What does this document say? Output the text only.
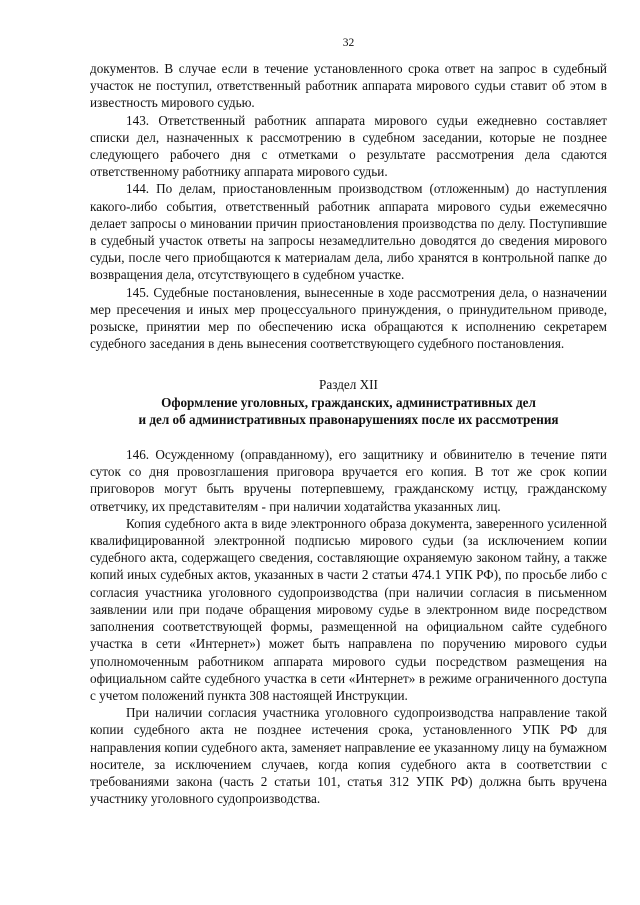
32

документов. В случае если в течение установленного срока ответ на запрос в судебный участок не поступил, ответственный работник аппарата мирового судьи ставит об этом в известность мирового судью.

143. Ответственный работник аппарата мирового судьи ежедневно составляет списки дел, назначенных к рассмотрению в судебном заседании, которые не позднее следующего рабочего дня с отметками о результате рассмотрения дела сдаются ответственному работнику аппарата мирового судьи.

144. По делам, приостановленным производством (отложенным) до наступления какого-либо события, ответственный работник аппарата мирового судьи ежемесячно делает запросы о миновании причин приостановления производства по делу. Поступившие в судебный участок ответы на запросы незамедлительно доводятся до сведения мирового судьи, после чего приобщаются к материалам дела, либо хранятся в контрольной папке до возвращения дела, отсутствующего в судебном участке.

145. Судебные постановления, вынесенные в ходе рассмотрения дела, о назначении мер пресечения и иных мер процессуального принуждения, о принудительном приводе, розыске, принятии мер по обеспечению иска обращаются к исполнению секретарем судебного заседания в день вынесения соответствующего судебного постановления.

Раздел XII
Оформление уголовных, гражданских, административных дел
и дел об административных правонарушениях после их рассмотрения

146. Осужденному (оправданному), его защитнику и обвинителю в течение пяти суток со дня провозглашения приговора вручается его копия. В тот же срок копии приговоров могут быть вручены потерпевшему, гражданскому истцу, гражданскому ответчику, их представителям - при наличии ходатайства указанных лиц.

Копия судебного акта в виде электронного образа документа, заверенного усиленной квалифицированной электронной подписью мирового судьи (за исключением копии судебного акта, содержащего сведения, составляющие охраняемую законом тайну, а также копий иных судебных актов, указанных в части 2 статьи 474.1 УПК РФ), по просьбе либо с согласия участника уголовного судопроизводства (при наличии согласия в письменном заявлении или при подаче обращения мировому судье в электронном виде посредством заполнения соответствующей формы, размещенной на официальном сайте судебного участка в сети «Интернет») может быть направлена по поручению мирового судьи уполномоченным работником аппарата мирового судьи посредством размещения на официальном сайте судебного участка в сети «Интернет» в режиме ограниченного доступа с учетом положений пункта 308 настоящей Инструкции.

При наличии согласия участника уголовного судопроизводства направление такой копии судебного акта не позднее истечения срока, установленного УПК РФ для направления копии судебного акта, заменяет направление ее указанному лицу на бумажном носителе, за исключением случаев, когда копия судебного акта в соответствии с требованиями закона (часть 2 статьи 101, статья 312 УПК РФ) должна быть вручена участнику уголовного судопроизводства.
